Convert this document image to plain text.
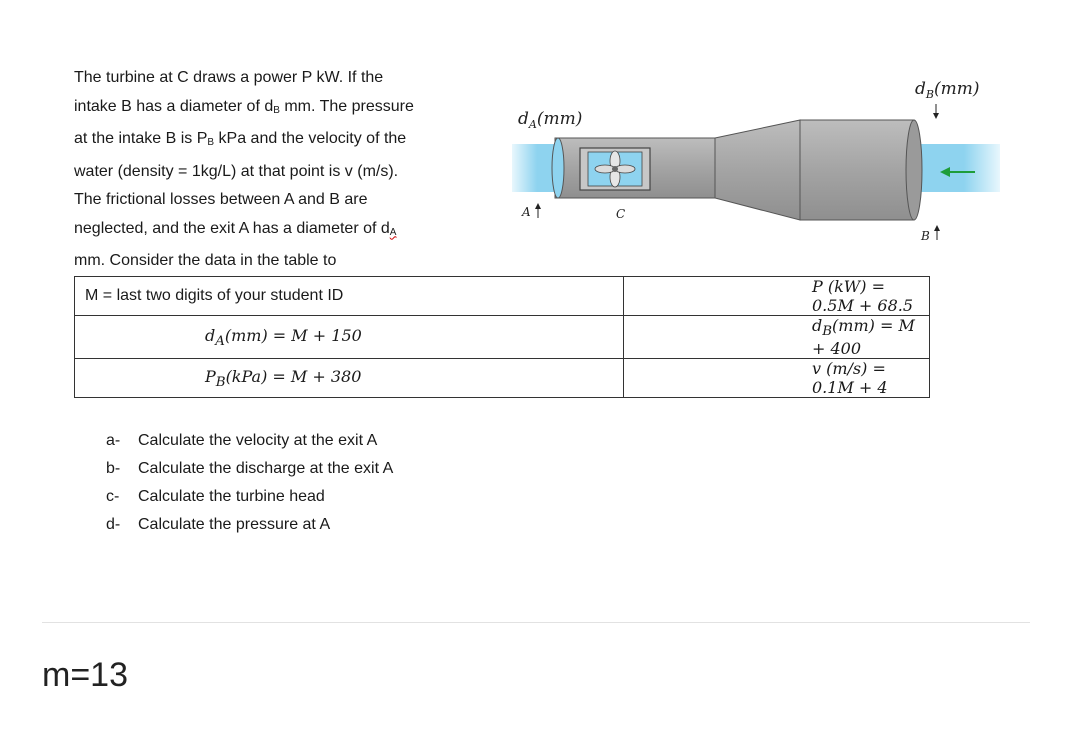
The turbine at C draws a power P kW. If the

intake B has a diameter of $d_B$ mm. The pressure

at the intake B is $P_B$ kPa and the velocity of the

water (density = 1kg/L) at that point is v (m/s).

The frictional losses between A and B are

neglected, and the exit A has a diameter of $d_A$

mm. Consider the data in the table to

$d_A(mm)$
$d_B(mm)$
A	C
B
M = last two digits of your student ID	P (kW) = 0.5M + 68.5
$d_A(mm) = M + 150$	$d_B(mm) = M + 400$
$P_B(kPa) = M + 380$	v (m/s) = 0.1M + 4
a-	Calculate the velocity at the exit A
b-	Calculate the discharge at the exit A
c-	Calculate the turbine head
d-	Calculate the pressure at A
m=13
